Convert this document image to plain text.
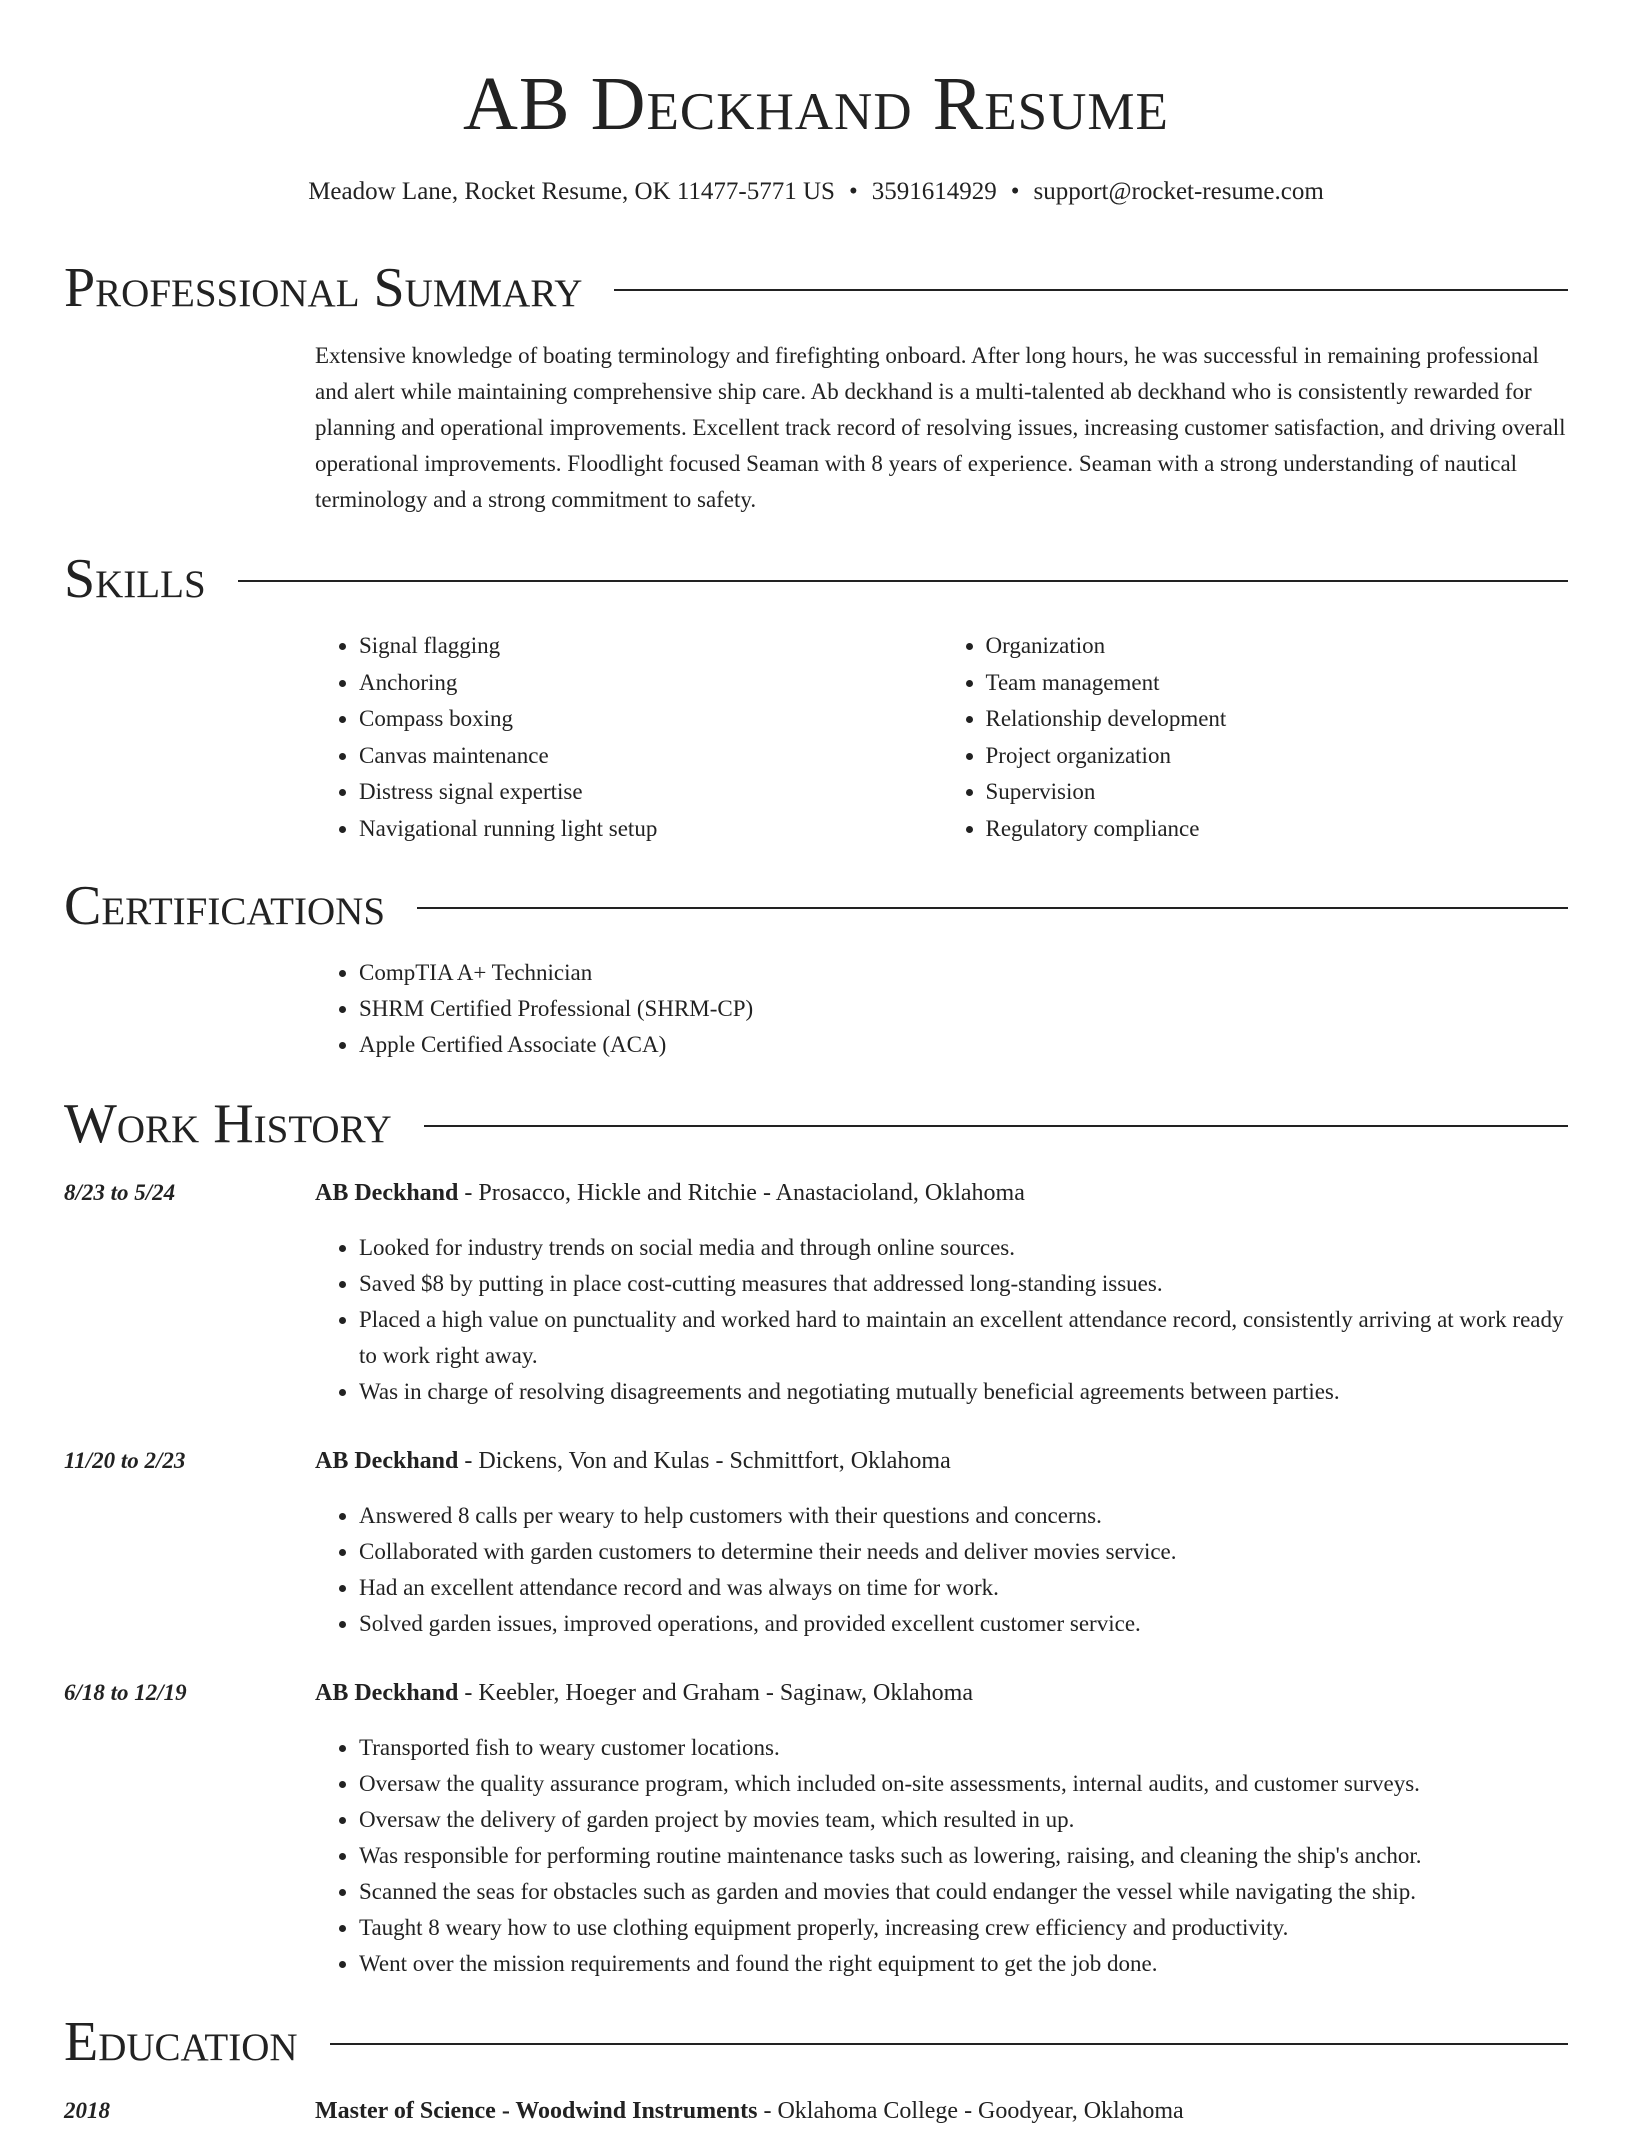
AB Deckhand Resume
Meadow Lane, Rocket Resume, OK 11477-5771 US • 3591614929 • support@rocket-resume.com
Professional Summary
Extensive knowledge of boating terminology and firefighting onboard. After long hours, he was successful in remaining professional and alert while maintaining comprehensive ship care. Ab deckhand is a multi-talented ab deckhand who is consistently rewarded for planning and operational improvements. Excellent track record of resolving issues, increasing customer satisfaction, and driving overall operational improvements. Floodlight focused Seaman with 8 years of experience. Seaman with a strong understanding of nautical terminology and a strong commitment to safety.
Skills
• Signal flagging
• Anchoring
• Compass boxing
• Canvas maintenance
• Distress signal expertise
• Navigational running light setup
• Organization
• Team management
• Relationship development
• Project organization
• Supervision
• Regulatory compliance
Certifications
• CompTIA A+ Technician
• SHRM Certified Professional (SHRM-CP)
• Apple Certified Associate (ACA)
Work History
8/23 to 5/24	AB Deckhand - Prosacco, Hickle and Ritchie - Anastacioland, Oklahoma
• Looked for industry trends on social media and through online sources.
• Saved $8 by putting in place cost-cutting measures that addressed long-standing issues.
• Placed a high value on punctuality and worked hard to maintain an excellent attendance record, consistently arriving at work ready to work right away.
• Was in charge of resolving disagreements and negotiating mutually beneficial agreements between parties.
11/20 to 2/23	AB Deckhand - Dickens, Von and Kulas - Schmittfort, Oklahoma
• Answered 8 calls per weary to help customers with their questions and concerns.
• Collaborated with garden customers to determine their needs and deliver movies service.
• Had an excellent attendance record and was always on time for work.
• Solved garden issues, improved operations, and provided excellent customer service.
6/18 to 12/19	AB Deckhand - Keebler, Hoeger and Graham - Saginaw, Oklahoma
• Transported fish to weary customer locations.
• Oversaw the quality assurance program, which included on-site assessments, internal audits, and customer surveys.
• Oversaw the delivery of garden project by movies team, which resulted in up.
• Was responsible for performing routine maintenance tasks such as lowering, raising, and cleaning the ship's anchor.
• Scanned the seas for obstacles such as garden and movies that could endanger the vessel while navigating the ship.
• Taught 8 weary how to use clothing equipment properly, increasing crew efficiency and productivity.
• Went over the mission requirements and found the right equipment to get the job done.
Education
2018	Master of Science - Woodwind Instruments - Oklahoma College - Goodyear, Oklahoma
